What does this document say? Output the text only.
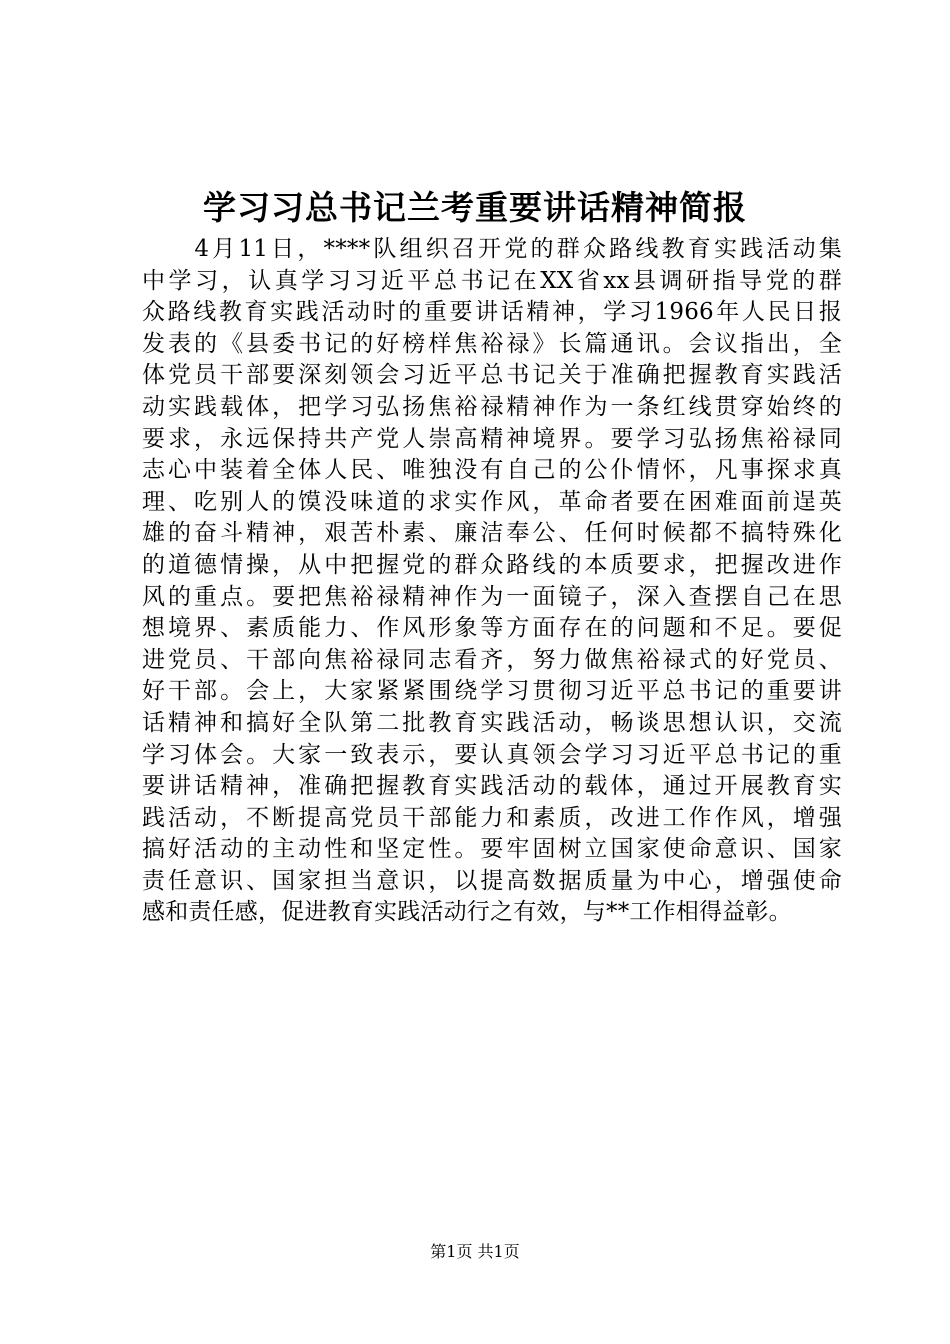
学习习总书记兰考重要讲话精神简报
　　4月11日，****队组织召开党的群众路线教育实践活动集
中学习，认真学习习近平总书记在XX省xx县调研指导党的群
众路线教育实践活动时的重要讲话精神，学习1966年人民日报
发表的《县委书记的好榜样焦裕禄》长篇通讯。会议指出，全
体党员干部要深刻领会习近平总书记关于准确把握教育实践活
动实践载体，把学习弘扬焦裕禄精神作为一条红线贯穿始终的
要求，永远保持共产党人崇高精神境界。要学习弘扬焦裕禄同
志心中装着全体人民、唯独没有自己的公仆情怀，凡事探求真
理、吃别人的馍没味道的求实作风，革命者要在困难面前逞英
雄的奋斗精神，艰苦朴素、廉洁奉公、任何时候都不搞特殊化
的道德情操，从中把握党的群众路线的本质要求，把握改进作
风的重点。要把焦裕禄精神作为一面镜子，深入查摆自己在思
想境界、素质能力、作风形象等方面存在的问题和不足。要促
进党员、干部向焦裕禄同志看齐，努力做焦裕禄式的好党员、
好干部。会上，大家紧紧围绕学习贯彻习近平总书记的重要讲
话精神和搞好全队第二批教育实践活动，畅谈思想认识，交流
学习体会。大家一致表示，要认真领会学习习近平总书记的重
要讲话精神，准确把握教育实践活动的载体，通过开展教育实
践活动，不断提高党员干部能力和素质，改进工作作风，增强
搞好活动的主动性和坚定性。要牢固树立国家使命意识、国家
责任意识、国家担当意识，以提高数据质量为中心，增强使命
感和责任感，促进教育实践活动行之有效，与**工作相得益彰。
第1页 共1页
